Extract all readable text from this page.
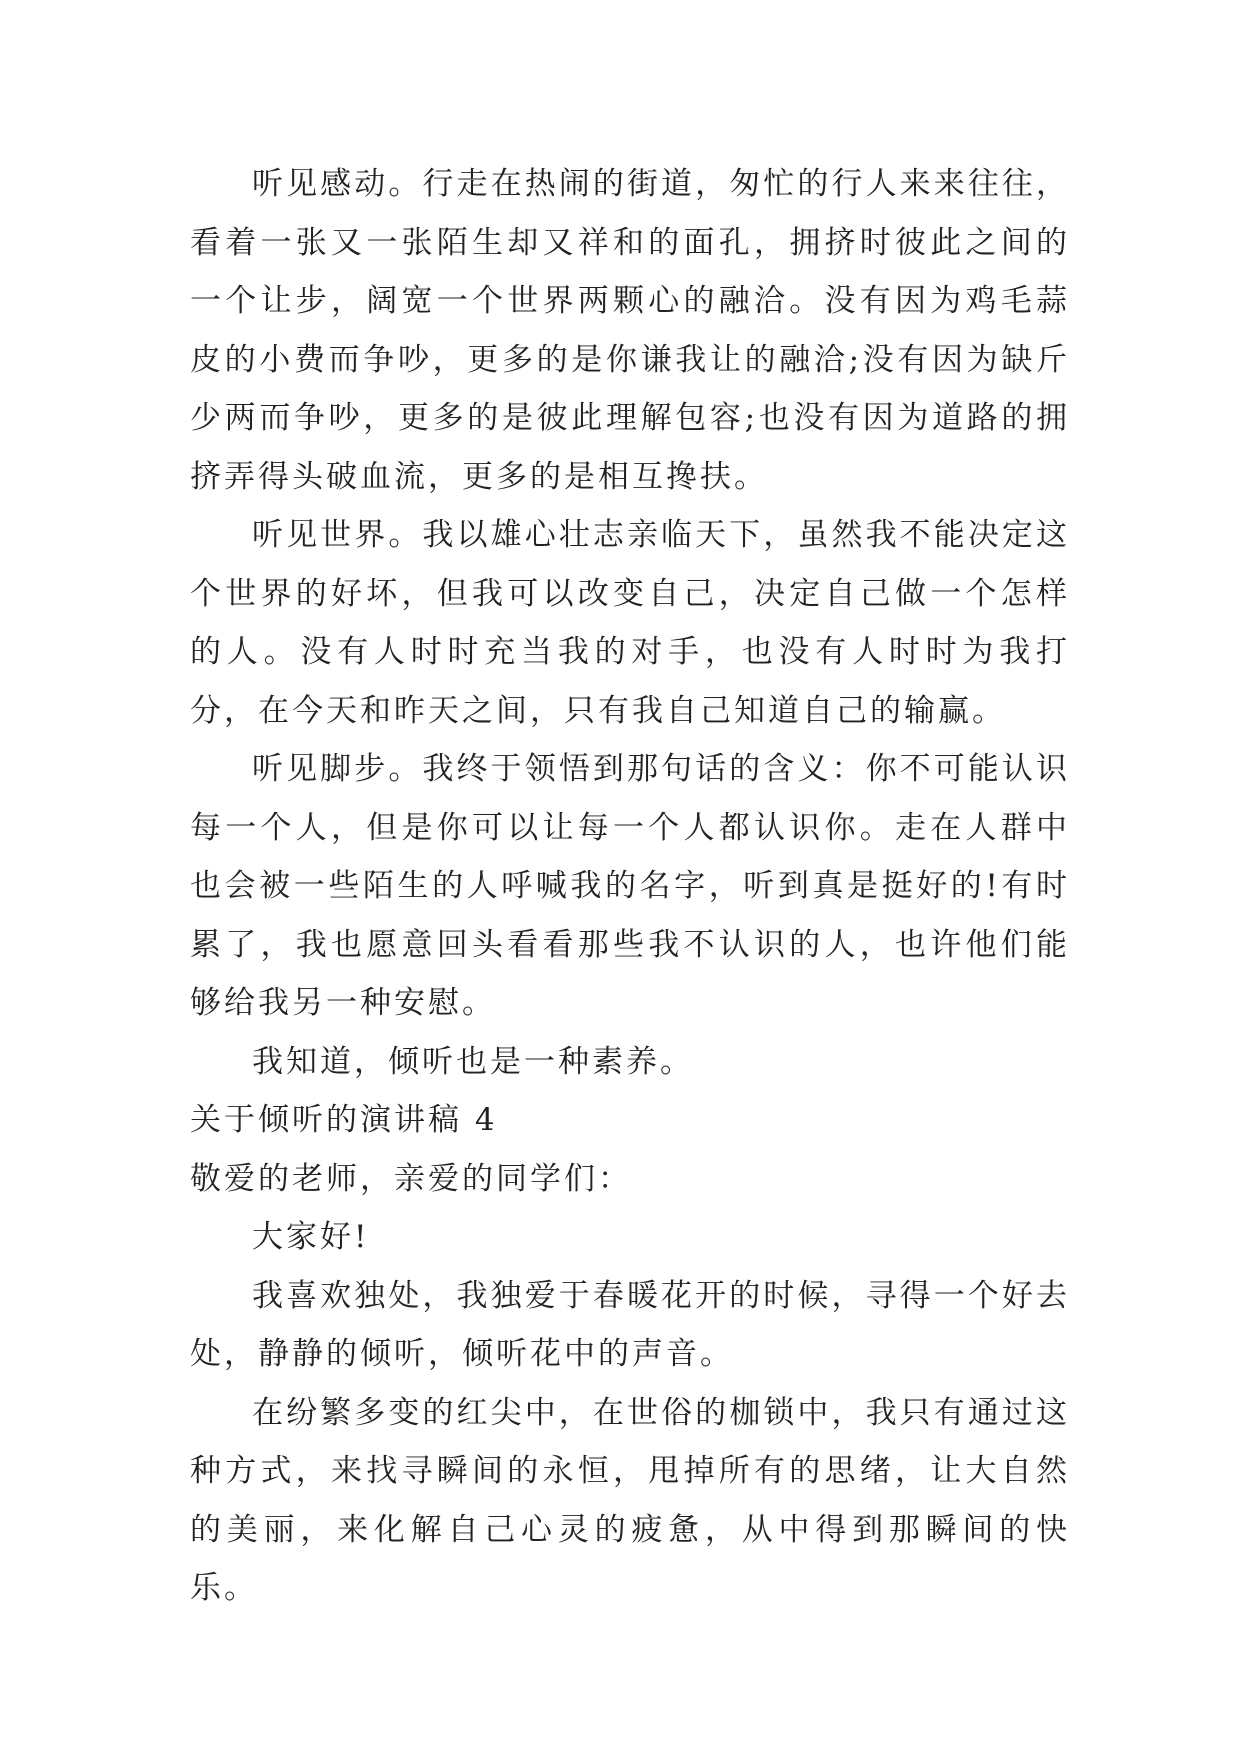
听见感动。行走在热闹的街道，匆忙的行人来来往往，看着一张又一张陌生却又祥和的面孔，拥挤时彼此之间的一个让步，阔宽一个世界两颗心的融洽。没有因为鸡毛蒜皮的小费而争吵，更多的是你谦我让的融洽;没有因为缺斤少两而争吵，更多的是彼此理解包容;也没有因为道路的拥挤弄得头破血流，更多的是相互搀扶。

听见世界。我以雄心壮志亲临天下，虽然我不能决定这个世界的好坏，但我可以改变自己，决定自己做一个怎样的人。没有人时时充当我的对手，也没有人时时为我打分，在今天和昨天之间，只有我自己知道自己的输赢。

听见脚步。我终于领悟到那句话的含义：你不可能认识每一个人，但是你可以让每一个人都认识你。走在人群中也会被一些陌生的人呼喊我的名字，听到真是挺好的!有时累了，我也愿意回头看看那些我不认识的人，也许他们能够给我另一种安慰。

我知道，倾听也是一种素养。

关于倾听的演讲稿 4

敬爱的老师，亲爱的同学们：

大家好!

我喜欢独处，我独爱于春暖花开的时候，寻得一个好去处，静静的倾听，倾听花中的声音。

在纷繁多变的红尖中，在世俗的枷锁中，我只有通过这种方式，来找寻瞬间的永恒，甩掉所有的思绪，让大自然的美丽，来化解自己心灵的疲惫，从中得到那瞬间的快乐。
